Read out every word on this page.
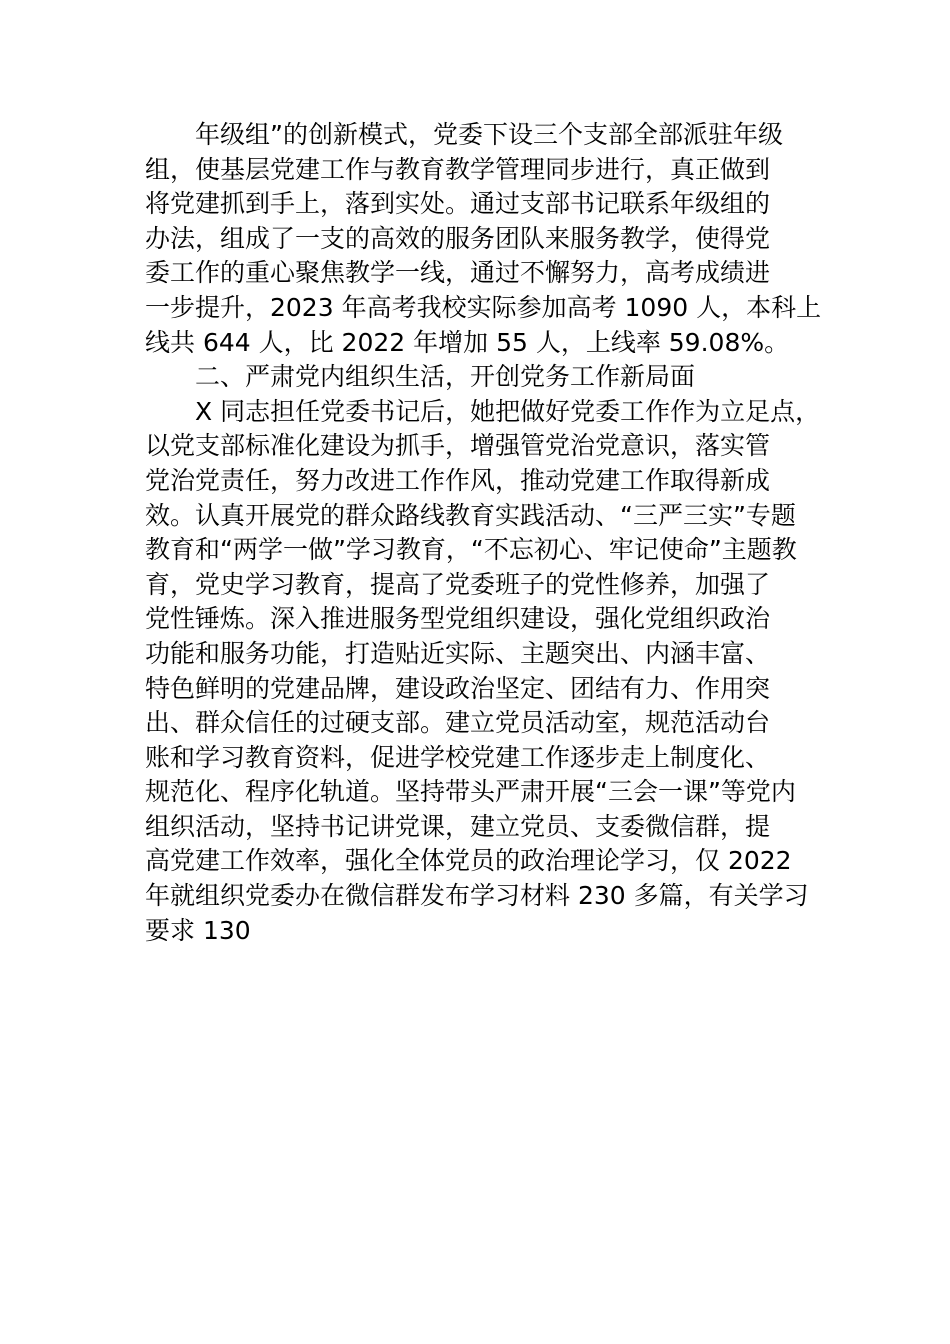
年级组”的创新模式，党委下设三个支部全部派驻年级
组，使基层党建工作与教育教学管理同步进行，真正做到
将党建抓到手上，落到实处。通过支部书记联系年级组的
办法，组成了一支的高效的服务团队来服务教学，使得党
委工作的重心聚焦教学一线，通过不懈努力，高考成绩进
一步提升，2023 年高考我校实际参加高考 1090 人，本科上
线共 644 人，比 2022 年增加 55 人，上线率 59.08%。
二、严肃党内组织生活，开创党务工作新局面
X 同志担任党委书记后，她把做好党委工作作为立足点，
以党支部标准化建设为抓手，增强管党治党意识，落实管
党治党责任，努力改进工作作风，推动党建工作取得新成
效。认真开展党的群众路线教育实践活动、“三严三实”专题
教育和“两学一做”学习教育，“不忘初心、牢记使命”主题教
育，党史学习教育，提高了党委班子的党性修养，加强了
党性锤炼。深入推进服务型党组织建设，强化党组织政治
功能和服务功能，打造贴近实际、主题突出、内涵丰富、
特色鲜明的党建品牌，建设政治坚定、团结有力、作用突
出、群众信任的过硬支部。建立党员活动室，规范活动台
账和学习教育资料，促进学校党建工作逐步走上制度化、
规范化、程序化轨道。坚持带头严肃开展“三会一课”等党内
组织活动，坚持书记讲党课，建立党员、支委微信群，提
高党建工作效率，强化全体党员的政治理论学习，仅 2022
年就组织党委办在微信群发布学习材料 230 多篇，有关学习
要求 130
